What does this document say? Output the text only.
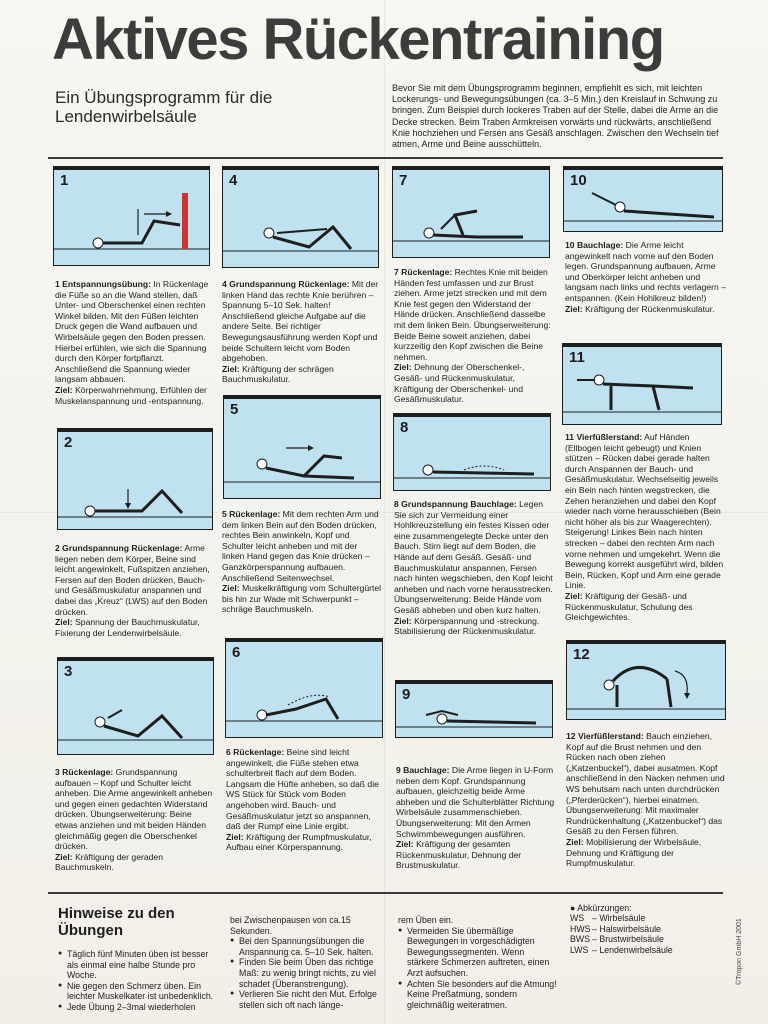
Aktives Rückentraining
Ein Übungsprogramm für die Lendenwirbelsäule
Bevor Sie mit dem Übungsprogramm beginnen, empfiehlt es sich, mit leichten Lockerungs- und Bewegungsübungen (ca. 3–5 Min.) den Kreislauf in Schwung zu bringen. Zum Beispiel durch lockeres Traben auf der Stelle, dabei die Arme an die Decke strecken. Beim Traben Armkreisen vorwärts und rückwärts, anschließend Knie hochziehen und Fersen ans Gesäß anschlagen. Zwischen den Wechseln tief atmen, Arme und Beine ausschütteln.
1

1 Entspannungsübung: In Rückenlage die Füße so an die Wand stellen, daß Unter- und Oberschenkel einen rechten Winkel bilden. Mit den Füßen leichten Druck gegen die Wand aufbauen und Wirbelsäule gegen den Boden pressen. Hierbei erfühlen, wie sich die Spannung durch den Körper fortpflanzt. Anschließend die Spannung wieder langsam abbauen.

Ziel: Körperwahrnehmung, Erfühlen der Muskelanspannung und -entspannung.

2

2 Grundspannung Rückenlage: Arme liegen neben dem Körper, Beine sind leicht angewinkelt, Fußspitzen anziehen, Fersen auf den Boden drücken, Bauch- und Gesäßmuskulatur anspannen und dabei das „Kreuz“ (LWS) auf den Boden drücken.

Ziel: Spannung der Bauchmuskulatur, Fixierung der Lendenwirbelsäule.

3

3 Rückenlage: Grundspannung aufbauen – Kopf und Schulter leicht anheben. Die Arme angewinkelt anheben und gegen einen gedachten Widerstand drücken. Übungserweiterung: Beine etwas anziehen und mit beiden Händen gleichmäßig gegen die Oberschenkel drücken.

Ziel: Kräftigung der geraden Bauchmuskeln.

4

4 Grundspannung Rückenlage: Mit der linken Hand das rechte Knie berühren – Spannung 5–10 Sek. halten! Anschließend gleiche Aufgabe auf die andere Seite. Bei richtiger Bewegungsausführung werden Kopf und beide Schultern leicht vom Boden abgehoben.

Ziel: Kräftigung der schrägen Bauchmuskulatur.

5

5 Rückenlage: Mit dem rechten Arm und dem linken Bein auf den Boden drücken, rechtes Bein anwinkeln, Kopf und Schulter leicht anheben und mit der linken Hand gegen das Knie drücken – Ganzkörperspannung aufbauen. Anschließend Seitenwechsel.

Ziel: Muskelkräftigung vom Schultergürtel bis hin zur Wade mit Schwerpunkt – schräge Bauchmuskeln.

6

6 Rückenlage: Beine sind leicht angewinkelt, die Füße stehen etwa schulterbreit flach auf dem Boden. Langsam die Hüfte anheben, so daß die WS Stück für Stück vom Boden angehoben wird. Bauch- und Gesäßmuskulatur jetzt so anspannen, daß der Rumpf eine Linie ergibt.

Ziel: Kräftigung der Rumpfmuskulatur, Aufbau einer Körperspannung.

7

7 Rückenlage: Rechtes Knie mit beiden Händen fest umfassen und zur Brust ziehen. Arme jetzt strecken und mit dem Knie fest gegen den Widerstand der Hände drücken. Anschließend dasselbe mit dem linken Bein. Übungserweiterung: Beide Beine soweit anziehen, dabei kurzzeitig den Kopf zwischen die Beine nehmen.

Ziel: Dehnung der Oberschenkel-, Gesäß- und Rückenmuskulatur, Kräftigung der Oberschenkel- und Gesäßmuskulatur.

8

8 Grundspannung Bauchlage: Legen Sie sich zur Vermeidung einer Hohlkreuzstellung ein festes Kissen oder eine zusammengelegte Decke unter den Bauch. Stirn liegt auf dem Boden, die Hände auf dem Gesäß. Gesäß- und Bauchmuskulatur anspannen, Fersen nach hinten wegschieben, den Kopf leicht anheben und nach vorne herausstrecken. Übungserweiterung: Beide Hände vom Gesäß abheben und oben kurz halten.

Ziel: Körperspannung und -streckung. Stabilisierung der Rückenmuskulatur.

9

9 Bauchlage: Die Arme liegen in U-Form neben dem Kopf. Grundspannung aufbauen, gleichzeitig beide Arme abheben und die Schulterblätter Richtung Wirbelsäule zusammenschieben. Übungserweiterung: Mit den Armen Schwimmbewegungen ausführen.

Ziel: Kräftigung der gesamten Rückenmuskulatur, Dehnung der Brustmuskulatur.

10

10 Bauchlage: Die Arme leicht angewinkelt nach vorne auf den Boden legen. Grundspannung aufbauen, Arme und Oberkörper leicht anheben und langsam nach links und rechts verlagern – entspannen. (Kein Hohlkreuz bilden!)

Ziel: Kräftigung der Rückenmuskulatur.

11

11 Vierfüßlerstand: Auf Händen (Ellbogen leicht gebeugt) und Knien stützen – Rücken dabei gerade halten durch Anspannen der Bauch- und Gesäßmuskulatur. Wechselseitig jeweils ein Bein nach hinten wegstrecken, die Zehen heranziehen und dabei den Kopf wieder nach vorne herausschieben (Bein nicht höher als bis zur Waagerechten). Steigerung! Linkes Bein nach hinten strecken – dabei den rechten Arm nach vorne nehmen und umgekehrt. Wenn die Bewegung korrekt ausgeführt wird, bilden Bein, Rücken, Kopf und Arm eine gerade Linie.

Ziel: Kräftigung der Gesäß- und Rückenmuskulatur, Schulung des Gleichgewichtes.

12

12 Vierfüßlerstand: Bauch einziehen, Kopf auf die Brust nehmen und den Rücken nach oben ziehen („Katzenbuckel“), dabei ausatmen. Kopf anschließend in den Nacken nehmen und WS behutsam nach unten durchdrücken („Pferderücken“), hierbei einatmen. Übungserweiterung: Mit maximaler Rundrückenhaltung („Katzenbuckel“) das Gesäß zu den Fersen führen.

Ziel: Mobilisierung der Wirbelsäule, Dehnung und Kräftigung der Rumpfmuskulatur.

Hinweise zu den Übungen
● Täglich fünf Minuten üben ist besser als einmal eine halbe Stunde pro Woche.
● Nie gegen den Schmerz üben. Ein leichter Muskelkater ist unbedenklich.
● Jede Übung 2–3mal wiederholen
bei Zwischenpausen von ca.15 Sekunden.
● Bei den Spannungsübungen die Anspannung ca. 5–10 Sek. halten.
● Finden Sie beim Üben das richtige Maß: zu wenig bringt nichts, zu viel schadet (Überanstrengung).
● Verlieren Sie nicht den Mut. Erfolge stellen sich oft nach länge-
rem Üben ein.
● Vermeiden Sie übermäßige Bewegungen in vorgeschädigten Bewegungssegmenten. Wenn stärkere Schmerzen auftreten, einen Arzt aufsuchen.
● Achten Sie besonders auf die Atmung! Keine Preßatmung, sondern gleichmäßig weiteratmen.
● Abkürzungen:
WS – Wirbelsäule
HWS – Halswirbelsäule
BWS – Brustwirbelsäule
LWS – Lendenwirbelsäule	©Tropon GmbH 2001
